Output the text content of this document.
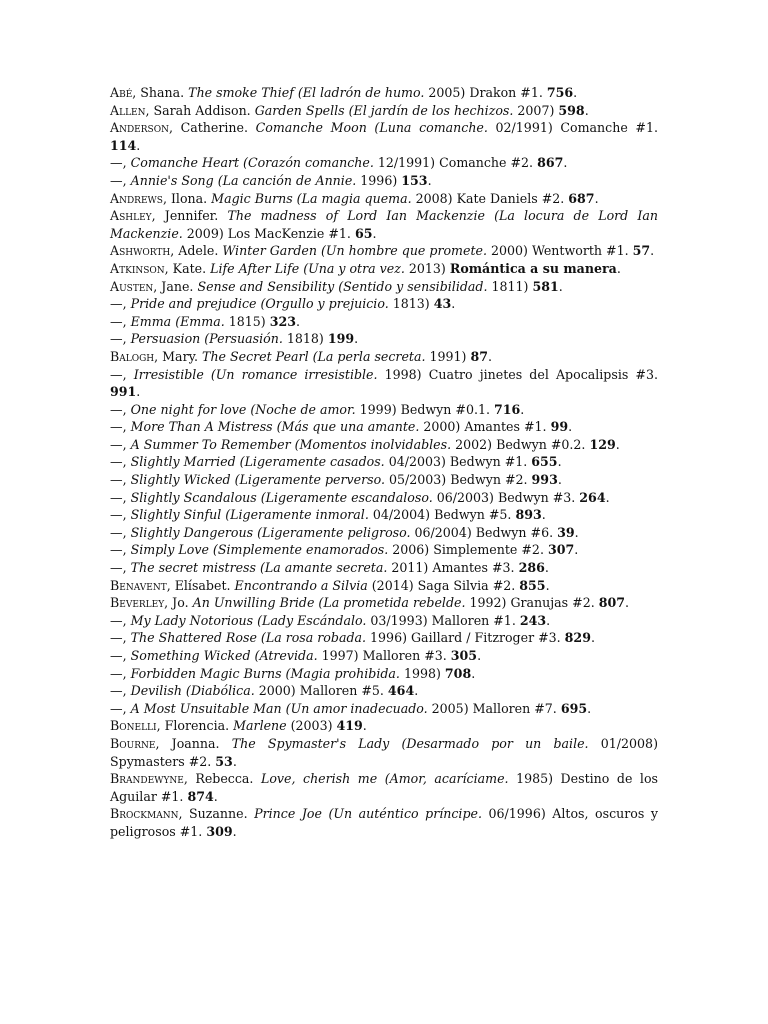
Abé, Shana. The smoke Thief (El ladrón de humo. 2005) Drakon #1. 756.

Allen, Sarah Addison. Garden Spells (El jardín de los hechizos. 2007) 598.

Anderson, Catherine. Comanche Moon (Luna comanche. 02/1991) Comanche #1. 114.

—, Comanche Heart (Corazón comanche. 12/1991) Comanche #2. 867.

—, Annie's Song (La canción de Annie. 1996) 153.

Andrews, Ilona. Magic Burns (La magia quema. 2008) Kate Daniels #2. 687.

Ashley, Jennifer. The madness of Lord Ian Mackenzie (La locura de Lord Ian Mackenzie. 2009) Los MacKenzie #1. 65.

Ashworth, Adele. Winter Garden (Un hombre que promete. 2000) Wentworth #1. 57.

Atkinson, Kate. Life After Life (Una y otra vez. 2013) Romántica a su manera.

Austen, Jane. Sense and Sensibility (Sentido y sensibilidad. 1811) 581.

—, Pride and prejudice (Orgullo y prejuicio. 1813) 43.

—, Emma (Emma. 1815) 323.

—, Persuasion (Persuasión. 1818) 199.

Balogh, Mary. The Secret Pearl (La perla secreta. 1991) 87.

—, Irresistible (Un romance irresistible. 1998) Cuatro jinetes del Apocalipsis #3. 991.

—, One night for love (Noche de amor. 1999) Bedwyn #0.1. 716.

—, More Than A Mistress (Más que una amante. 2000) Amantes #1. 99.

—, A Summer To Remember (Momentos inolvidables. 2002) Bedwyn #0.2. 129.

—, Slightly Married (Ligeramente casados. 04/2003) Bedwyn #1. 655.

—, Slightly Wicked (Ligeramente perverso. 05/2003) Bedwyn #2. 993.

—, Slightly Scandalous (Ligeramente escandaloso. 06/2003) Bedwyn #3. 264.

—, Slightly Sinful (Ligeramente inmoral. 04/2004) Bedwyn #5. 893.

—, Slightly Dangerous (Ligeramente peligroso. 06/2004) Bedwyn #6. 39.

—, Simply Love (Simplemente enamorados. 2006) Simplemente #2. 307.

—, The secret mistress (La amante secreta. 2011) Amantes #3. 286.

Benavent, Elísabet. Encontrando a Silvia (2014) Saga Silvia #2. 855.

Beverley, Jo. An Unwilling Bride (La prometida rebelde. 1992) Granujas #2. 807.

—, My Lady Notorious (Lady Escándalo. 03/1993) Malloren #1. 243.

—, The Shattered Rose (La rosa robada. 1996) Gaillard / Fitzroger #3. 829.

—, Something Wicked (Atrevida. 1997) Malloren #3. 305.

—, Forbidden Magic Burns (Magia prohibida. 1998) 708.

—, Devilish (Diabólica. 2000) Malloren #5. 464.

—, A Most Unsuitable Man (Un amor inadecuado. 2005) Malloren #7. 695.

Bonelli, Florencia. Marlene (2003) 419.

Bourne, Joanna. The Spymaster's Lady (Desarmado por un baile. 01/2008) Spymasters #2. 53.

Brandewyne, Rebecca. Love, cherish me (Amor, acaríciame. 1985) Destino de los Aguilar #1. 874.

Brockmann, Suzanne. Prince Joe (Un auténtico príncipe. 06/1996) Altos, oscuros y peligrosos #1. 309.
